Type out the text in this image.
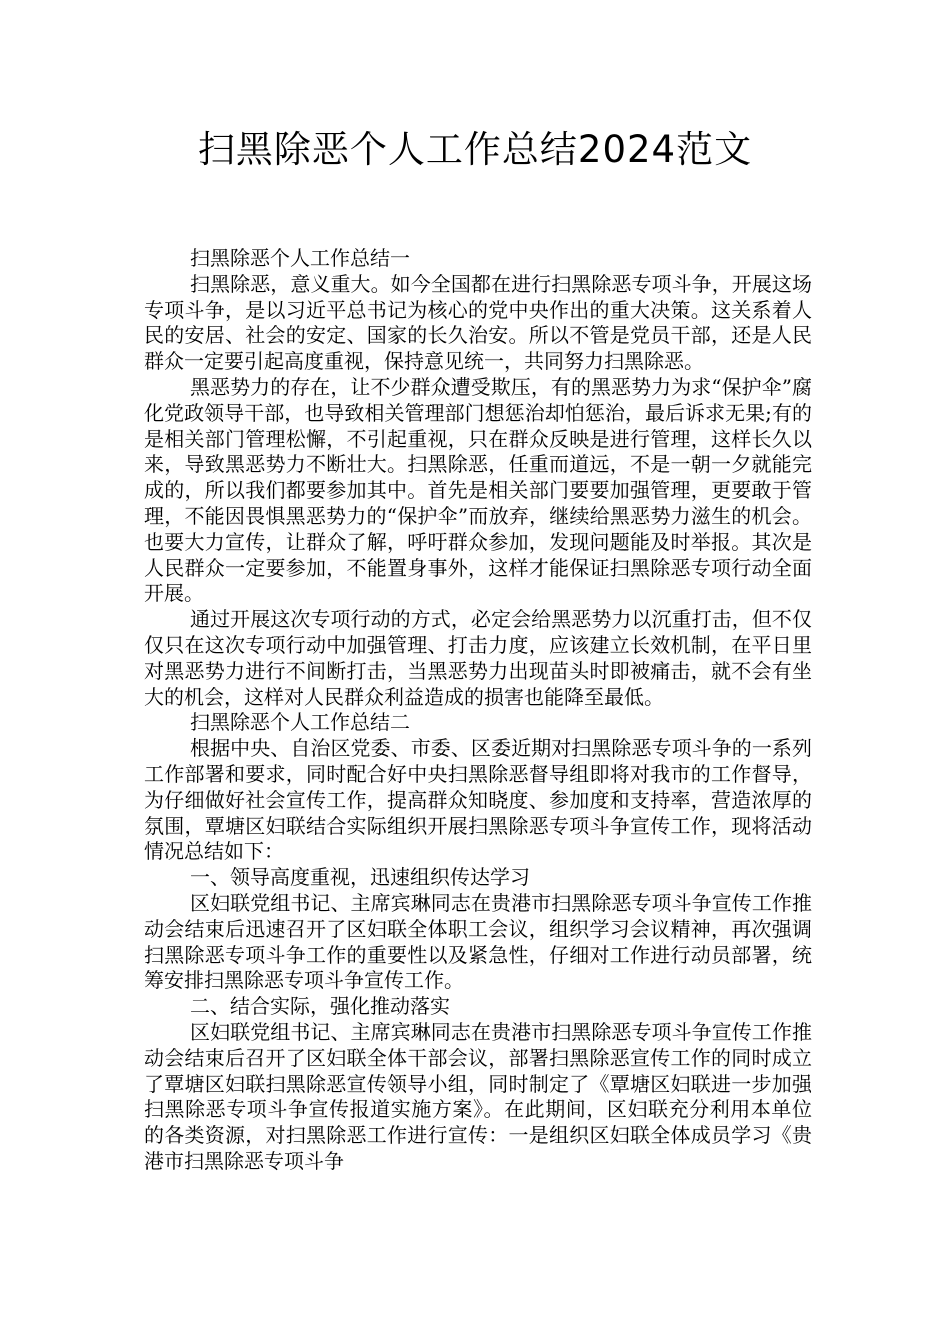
扫黑除恶个人工作总结2024范文

扫黑除恶个人工作总结一

扫黑除恶，意义重大。如今全国都在进行扫黑除恶专项斗争，开展这场专项斗争，是以习近平总书记为核心的党中央作出的重大决策。这关系着人民的安居、社会的安定、国家的长久治安。所以不管是党员干部，还是人民群众一定要引起高度重视，保持意见统一，共同努力扫黑除恶。

黑恶势力的存在，让不少群众遭受欺压，有的黑恶势力为求“保护伞”腐化党政领导干部，也导致相关管理部门想惩治却怕惩治，最后诉求无果;有的是相关部门管理松懈，不引起重视，只在群众反映是进行管理，这样长久以来，导致黑恶势力不断壮大。扫黑除恶，任重而道远，不是一朝一夕就能完成的，所以我们都要参加其中。首先是相关部门要要加强管理，更要敢于管理，不能因畏惧黑恶势力的“保护伞”而放弃，继续给黑恶势力滋生的机会。也要大力宣传，让群众了解，呼吁群众参加，发现问题能及时举报。其次是人民群众一定要参加，不能置身事外，这样才能保证扫黑除恶专项行动全面开展。

通过开展这次专项行动的方式，必定会给黑恶势力以沉重打击，但不仅仅只在这次专项行动中加强管理、打击力度，应该建立长效机制，在平日里对黑恶势力进行不间断打击，当黑恶势力出现苗头时即被痛击，就不会有坐大的机会，这样对人民群众利益造成的损害也能降至最低。

扫黑除恶个人工作总结二

根据中央、自治区党委、市委、区委近期对扫黑除恶专项斗争的一系列工作部署和要求，同时配合好中央扫黑除恶督导组即将对我市的工作督导，为仔细做好社会宣传工作，提高群众知晓度、参加度和支持率，营造浓厚的氛围，覃塘区妇联结合实际组织开展扫黑除恶专项斗争宣传工作，现将活动情况总结如下：

一、领导高度重视，迅速组织传达学习

区妇联党组书记、主席宾琳同志在贵港市扫黑除恶专项斗争宣传工作推动会结束后迅速召开了区妇联全体职工会议，组织学习会议精神，再次强调扫黑除恶专项斗争工作的重要性以及紧急性，仔细对工作进行动员部署，统筹安排扫黑除恶专项斗争宣传工作。

二、结合实际，强化推动落实

区妇联党组书记、主席宾琳同志在贵港市扫黑除恶专项斗争宣传工作推动会结束后召开了区妇联全体干部会议，部署扫黑除恶宣传工作的同时成立了覃塘区妇联扫黑除恶宣传领导小组，同时制定了《覃塘区妇联进一步加强扫黑除恶专项斗争宣传报道实施方案》。在此期间，区妇联充分利用本单位的各类资源，对扫黑除恶工作进行宣传：一是组织区妇联全体成员学习《贵港市扫黑除恶专项斗争
